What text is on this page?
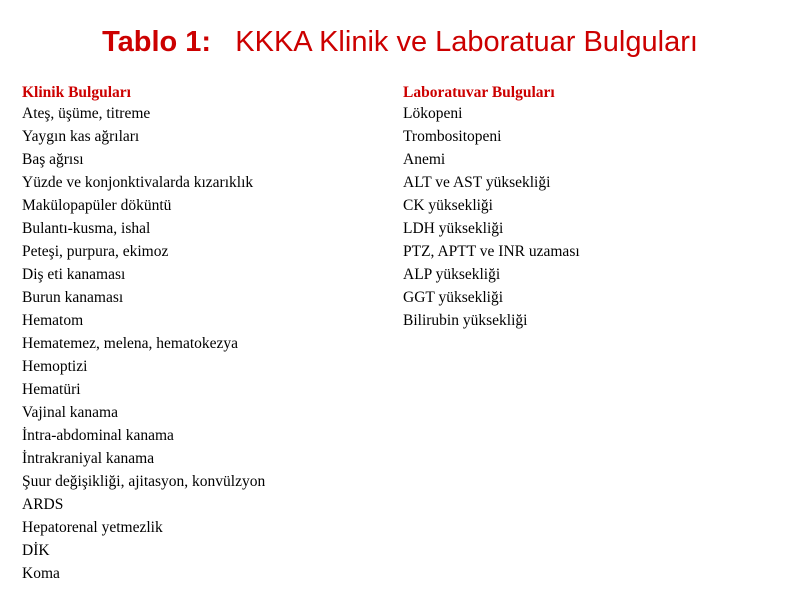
Tablo 1: KKKA Klinik ve Laboratuar Bulguları
Klinik Bulguları
Ateş, üşüme, titreme
Yaygın kas ağrıları
Baş ağrısı
Yüzde ve konjonktivalarda kızarıklık
Makülopapüler döküntü
Bulantı-kusma, ishal
Peteşi, purpura, ekimoz
Diş eti kanaması
Burun kanaması
Hematom
Hematemez, melena, hematokezya
Hemoptizi
Hematüri
Vajinal kanama
İntra-abdominal kanama
İntrakraniyal kanama
Şuur değişikliği, ajitasyon, konvülzyon
ARDS
Hepatorenal yetmezlik
DİK
Koma
Laboratuvar Bulguları
Lökopeni
Trombositopeni
Anemi
ALT ve AST yüksekliği
CK yüksekliği
LDH yüksekliği
PTZ, APTT ve INR uzaması
ALP yüksekliği
GGT yüksekliği
Bilirubin yüksekliği
